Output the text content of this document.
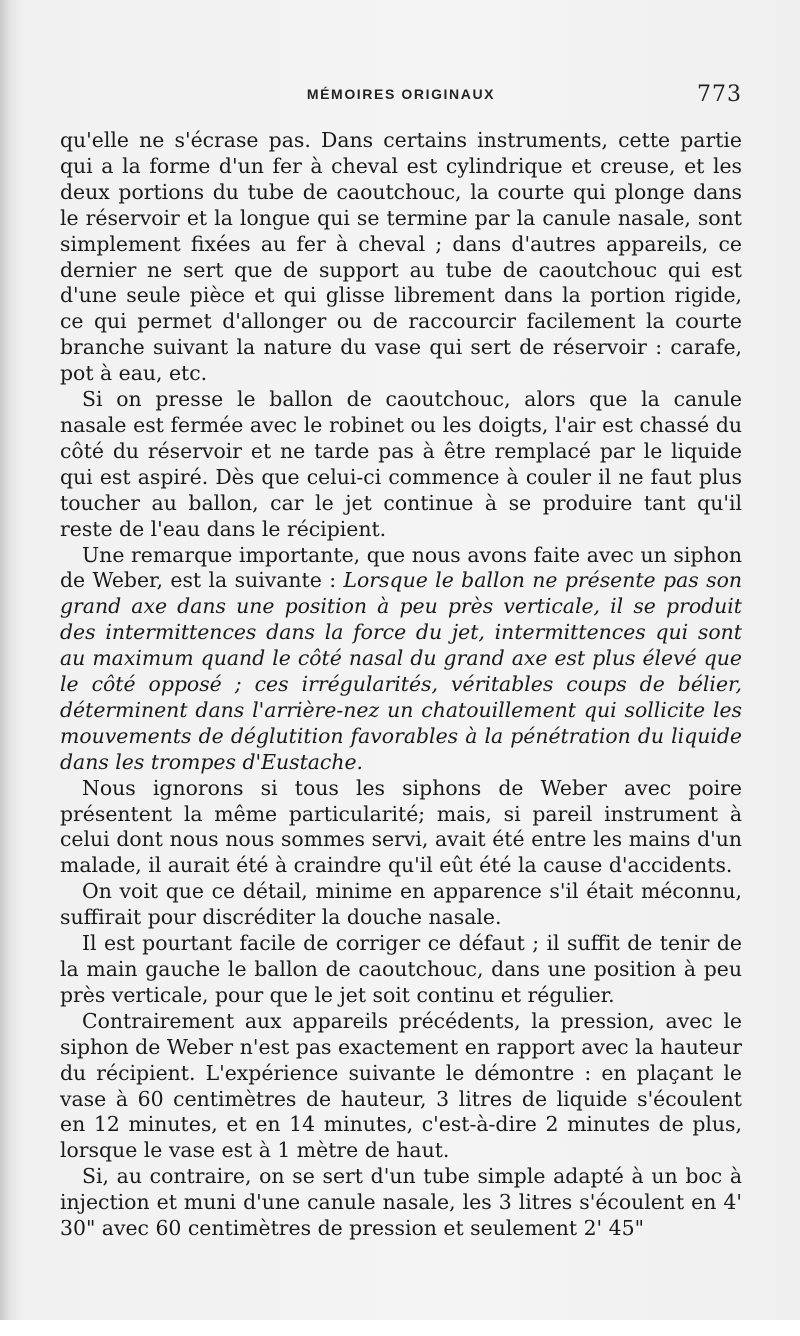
MÉMOIRES ORIGINAUX	773

qu'elle ne s'écrase pas. Dans certains instruments, cette partie qui a la forme d'un fer à cheval est cylindrique et creuse, et les deux portions du tube de caoutchouc, la courte qui plonge dans le réservoir et la longue qui se termine par la canule nasale, sont simplement fixées au fer à cheval ; dans d'autres appareils, ce dernier ne sert que de support au tube de caoutchouc qui est d'une seule pièce et qui glisse librement dans la portion rigide, ce qui permet d'allonger ou de raccourcir facilement la courte branche suivant la nature du vase qui sert de réservoir : carafe, pot à eau, etc.

Si on presse le ballon de caoutchouc, alors que la canule nasale est fermée avec le robinet ou les doigts, l'air est chassé du côté du réservoir et ne tarde pas à être remplacé par le liquide qui est aspiré. Dès que celui-ci commence à couler il ne faut plus toucher au ballon, car le jet continue à se produire tant qu'il reste de l'eau dans le récipient.

Une remarque importante, que nous avons faite avec un siphon de Weber, est la suivante : Lorsque le ballon ne présente pas son grand axe dans une position à peu près verticale, il se produit des intermittences dans la force du jet, intermittences qui sont au maximum quand le côté nasal du grand axe est plus élevé que le côté opposé ; ces irrégularités, véritables coups de bélier, déterminent dans l'arrière-nez un chatouillement qui sollicite les mouvements de déglutition favorables à la pénétration du liquide dans les trompes d'Eustache.

Nous ignorons si tous les siphons de Weber avec poire présentent la même particularité; mais, si pareil instrument à celui dont nous nous sommes servi, avait été entre les mains d'un malade, il aurait été à craindre qu'il eût été la cause d'accidents.

On voit que ce détail, minime en apparence s'il était méconnu, suffirait pour discréditer la douche nasale.

Il est pourtant facile de corriger ce défaut ; il suffit de tenir de la main gauche le ballon de caoutchouc, dans une position à peu près verticale, pour que le jet soit continu et régulier.

Contrairement aux appareils précédents, la pression, avec le siphon de Weber n'est pas exactement en rapport avec la hauteur du récipient. L'expérience suivante le démontre : en plaçant le vase à 60 centimètres de hauteur, 3 litres de liquide s'écoulent en 12 minutes, et en 14 minutes, c'est-à-dire 2 minutes de plus, lorsque le vase est à 1 mètre de haut.

Si, au contraire, on se sert d'un tube simple adapté à un boc à injection et muni d'une canule nasale, les 3 litres s'écoulent en 4' 30" avec 60 centimètres de pression et seulement 2' 45"
